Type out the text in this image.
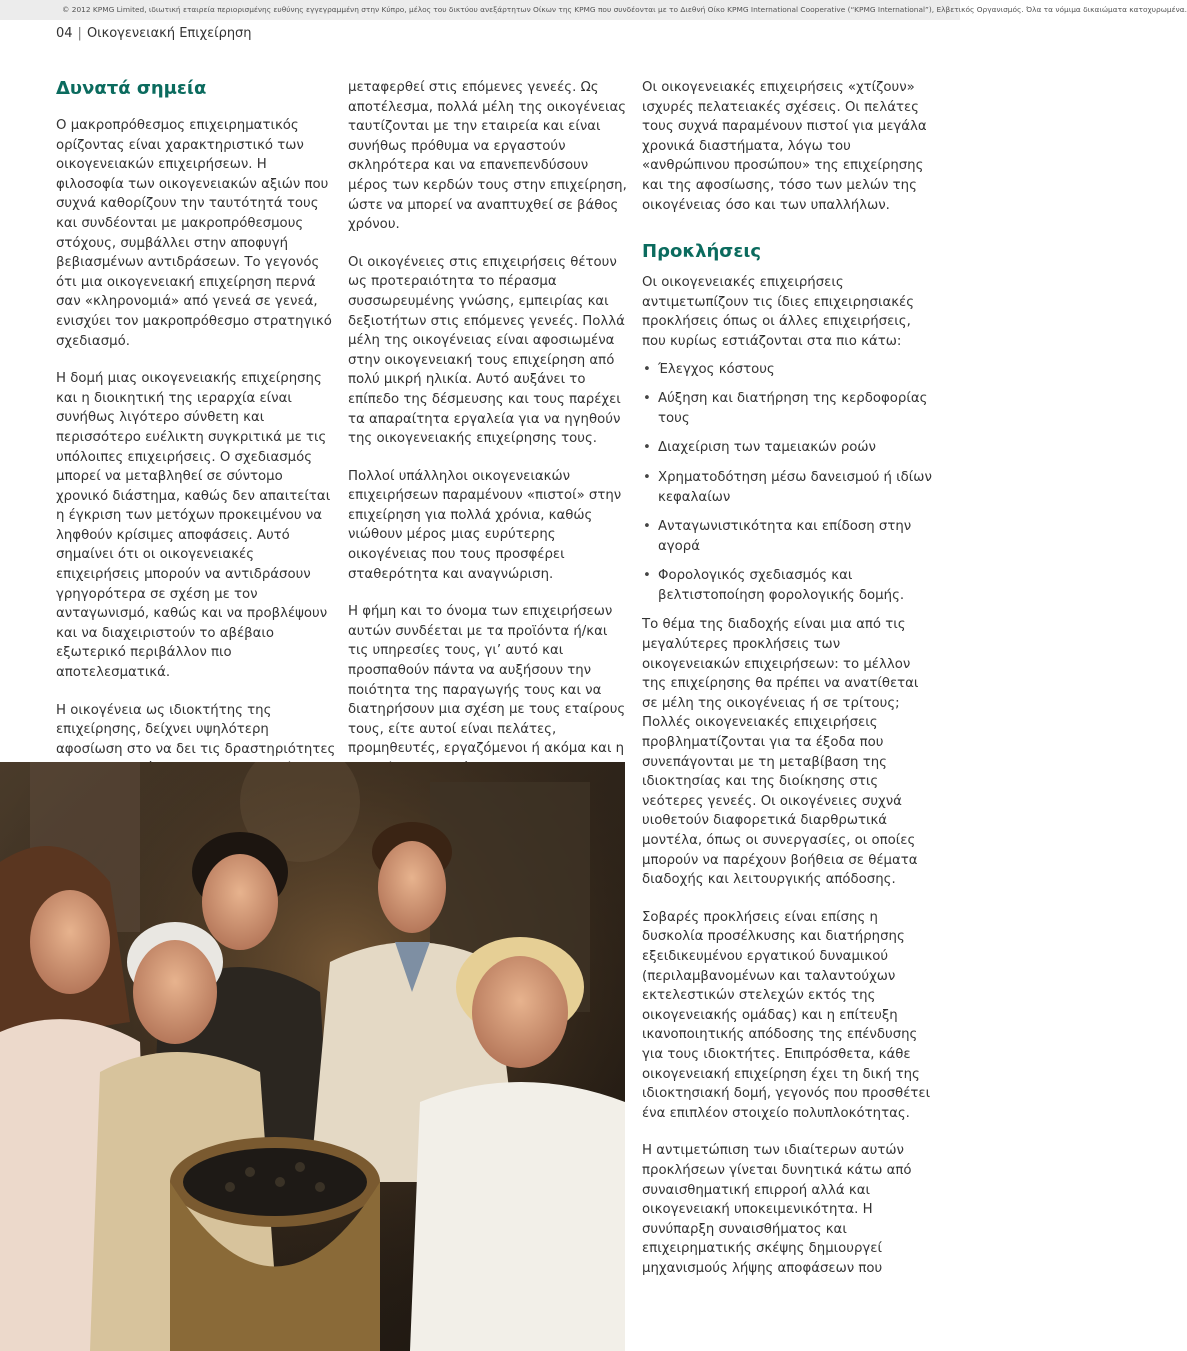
© 2012 KPMG Limited, ιδιωτική εταιρεία περιορισμένης ευθύνης εγγεγραμμένη στην Κύπρο, μέλος του δικτύου ανεξάρτητων Οίκων της KPMG που συνδέονται με το Διεθνή Οίκο KPMG International Cooperative (“KPMG International”), Ελβετικός Οργανισμός. Όλα τα νόμιμα δικαιώματα κατοχυρωμένα.
04 | Οικογενειακή Επιχείρηση
Δυνατά σημεία

Ο μακροπρόθεσμος επιχειρηματικός ορίζοντας είναι χαρακτηριστικό των οικογενειακών επιχειρήσεων. Η φιλοσοφία των οικογενειακών αξιών που συχνά καθορίζουν την ταυτότητά τους και συνδέονται με μακροπρόθεσμους στόχους, συμβάλλει στην αποφυγή βεβιασμένων αντιδράσεων. Το γεγονός ότι μια οικογενειακή επιχείρηση περνά σαν «κληρονομιά» από γενεά σε γενεά, ενισχύει τον μακροπρόθεσμο στρατηγικό σχεδιασμό.

Η δομή μιας οικογενειακής επιχείρησης και η διοικητική της ιεραρχία είναι συνήθως λιγότερο σύνθετη και περισσότερο ευέλικτη συγκριτικά με τις υπόλοιπες επιχειρήσεις. Ο σχεδιασμός μπορεί να μεταβληθεί σε σύντομο χρονικό διάστημα, καθώς δεν απαιτείται η έγκριση των μετόχων προκειμένου να ληφθούν κρίσιμες αποφάσεις. Αυτό σημαίνει ότι οι οικογενειακές επιχειρήσεις μπορούν να αντιδράσουν γρηγορότερα σε σχέση με τον ανταγωνισμό, καθώς και να προβλέψουν και να διαχειριστούν το αβέβαιο εξωτερικό περιβάλλον πιο αποτελεσματικά.

Η οικογένεια ως ιδιοκτήτης της επιχείρησης, δείχνει υψηλότερη αφοσίωση στο να δει τις δραστηριότητες

μεταφερθεί στις επόμενες γενεές. Ως αποτέλεσμα, πολλά μέλη της οικογένειας ταυτίζονται με την εταιρεία και είναι συνήθως πρόθυμα να εργαστούν σκληρότερα και να επανεπενδύσουν μέρος των κερδών τους στην επιχείρηση, ώστε να μπορεί να αναπτυχθεί σε βάθος χρόνου.

Οι οικογένειες στις επιχειρήσεις θέτουν ως προτεραιότητα το πέρασμα συσσωρευμένης γνώσης, εμπειρίας και δεξιοτήτων στις επόμενες γενεές. Πολλά μέλη της οικογένειας είναι αφοσιωμένα στην οικογενειακή τους επιχείρηση από πολύ μικρή ηλικία. Αυτό αυξάνει το επίπεδο της δέσμευσης και τους παρέχει τα απαραίτητα εργαλεία για να ηγηθούν της οικογενειακής επιχείρησης τους.

Πολλοί υπάλληλοι οικογενειακών επιχειρήσεων παραμένουν «πιστοί» στην επιχείρηση για πολλά χρόνια, καθώς νιώθουν μέρος μιας ευρύτερης οικογένειας που τους προσφέρει σταθερότητα και αναγνώριση.

Η φήμη και το όνομα των επιχειρήσεων αυτών συνδέεται με τα προϊόντα ή/και τις υπηρεσίες τους, γι’ αυτό και προσπαθούν πάντα να αυξήσουν την ποιότητα της παραγωγής τους και να διατηρήσουν μια σχέση με τους εταίρους τους, είτε αυτοί είναι πελάτες, προμηθευτές, εργαζόμενοι ή ακόμα και η

Οι οικογενειακές επιχειρήσεις «χτίζουν» ισχυρές πελατειακές σχέσεις. Οι πελάτες τους συχνά παραμένουν πιστοί για μεγάλα χρονικά διαστήματα, λόγω του «ανθρώπινου προσώπου» της επιχείρησης και της αφοσίωσης, τόσο των μελών της οικογένειας όσο και των υπαλλήλων.

Προκλήσεις

Οι οικογενειακές επιχειρήσεις αντιμετωπίζουν τις ίδιες επιχειρησιακές προκλήσεις όπως οι άλλες επιχειρήσεις, που κυρίως εστιάζονται στα πιο κάτω:

• Έλεγχος κόστους
• Αύξηση και διατήρηση της κερδοφορίας τους
• Διαχείριση των ταμειακών ροών
• Χρηματοδότηση μέσω δανεισμού ή ιδίων κεφαλαίων
• Ανταγωνιστικότητα και επίδοση στην αγορά
• Φορολογικός σχεδιασμός και βελτιστοποίηση φορολογικής δομής.

Το θέμα της διαδοχής είναι μια από τις μεγαλύτερες προκλήσεις των οικογενειακών επιχειρήσεων: το μέλλον της επιχείρησης θα πρέπει να ανατίθεται σε μέλη της οικογένειας ή σε τρίτους; Πολλές οικογενειακές επιχειρήσεις προβληματίζονται για τα έξοδα που συνεπάγονται με τη μεταβίβαση της ιδιοκτησίας και της διοίκησης στις νεότερες γενεές. Οι οικογένειες συχνά υιοθετούν διαφορετικά διαρθρωτικά μοντέλα, όπως οι συνεργασίες, οι οποίες μπορούν να παρέχουν βοήθεια σε θέματα διαδοχής και λειτουργικής απόδοσης.

Σοβαρές προκλήσεις είναι επίσης η δυσκολία προσέλκυσης και διατήρησης εξειδικευμένου εργατικού δυναμικού (περιλαμβανομένων και ταλαντούχων εκτελεστικών στελεχών εκτός της οικογενειακής ομάδας) και η επίτευξη ικανοποιητικής απόδοσης της επένδυσης για τους ιδιοκτήτες. Επιπρόσθετα, κάθε οικογενειακή επιχείρηση έχει τη δική της ιδιοκτησιακή δομή, γεγονός που προσθέτει ένα επιπλέον στοιχείο πολυπλοκότητας.

Η αντιμετώπιση των ιδιαίτερων αυτών προκλήσεων γίνεται δυνητικά κάτω από συναισθηματική επιρροή αλλά και οικογενειακή υποκειμενικότητα. Η συνύπαρξη συναισθήματος και επιχειρηματικής σκέψης δημιουργεί μηχανισμούς λήψης αποφάσεων που
